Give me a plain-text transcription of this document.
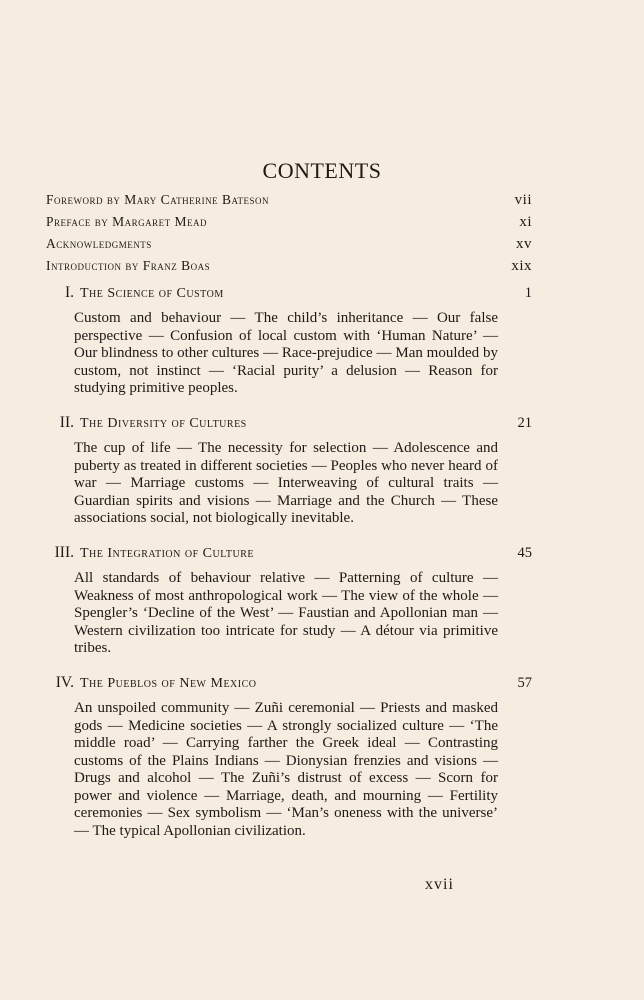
CONTENTS
Foreword by Mary Catherine Bateson	vii
Preface by Margaret Mead	xi
Acknowledgments	xv
Introduction by Franz Boas	xix
I. The Science of Custom	1
Custom and behaviour — The child’s inheritance — Our false perspective — Confusion of local custom with ‘Human Nature’ — Our blindness to other cultures — Race-prejudice — Man moulded by custom, not instinct — ‘Racial purity’ a delusion — Reason for studying primitive peoples.
II. The Diversity of Cultures	21
The cup of life — The necessity for selection — Adolescence and puberty as treated in different societies — Peoples who never heard of war — Marriage customs — Interweaving of cultural traits — Guardian spirits and visions — Marriage and the Church — These associations social, not biologically inevitable.
III. The Integration of Culture	45
All standards of behaviour relative — Patterning of culture — Weakness of most anthropological work — The view of the whole — Spengler’s ‘Decline of the West’ — Faustian and Apollonian man — Western civilization too intricate for study — A détour via primitive tribes.
IV. The Pueblos of New Mexico	57
An unspoiled community — Zuñi ceremonial — Priests and masked gods — Medicine societies — A strongly socialized culture — ‘The middle road’ — Carrying farther the Greek ideal — Contrasting customs of the Plains Indians — Dionysian frenzies and visions — Drugs and alcohol — The Zuñi’s distrust of excess — Scorn for power and violence — Marriage, death, and mourning — Fertility ceremonies — Sex symbolism — ‘Man’s oneness with the universe’ — The typical Apollonian civilization.
xvii
